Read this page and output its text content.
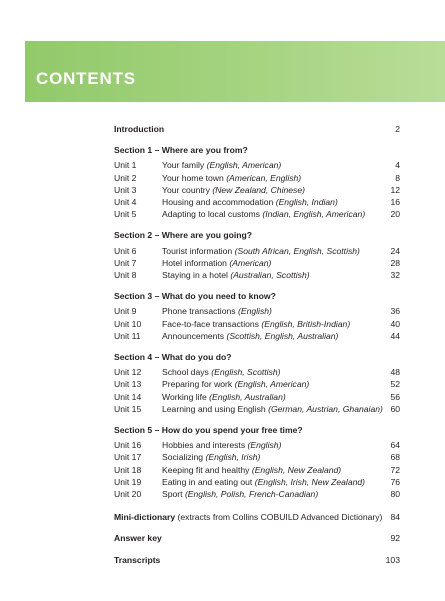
CONTENTS
Introduction	2
Section 1 – Where are you from?
Unit 1	Your family (English, American)	4
Unit 2	Your home town (American, English)	8
Unit 3	Your country (New Zealand, Chinese)	12
Unit 4	Housing and accommodation (English, Indian)	16
Unit 5	Adapting to local customs (Indian, English, American)	20
Section 2 – Where are you going?
Unit 6	Tourist information (South African, English, Scottish)	24
Unit 7	Hotel information (American)	28
Unit 8	Staying in a hotel (Australian, Scottish)	32
Section 3 – What do you need to know?
Unit 9	Phone transactions (English)	36
Unit 10	Face-to-face transactions (English, British-Indian)	40
Unit 11	Announcements (Scottish, English, Australian)	44
Section 4 – What do you do?
Unit 12	School days (English, Scottish)	48
Unit 13	Preparing for work (English, American)	52
Unit 14	Working life (English, Australian)	56
Unit 15	Learning and using English (German, Austrian, Ghanaian) 60
Section 5 – How do you spend your free time?
Unit 16	Hobbies and interests (English)	64
Unit 17	Socializing (English, Irish)	68
Unit 18	Keeping fit and healthy (English, New Zealand)	72
Unit 19	Eating in and eating out (English, Irish, New Zealand)	76
Unit 20	Sport (English, Polish, French-Canadian)	80
Mini-dictionary (extracts from Collins COBUILD Advanced Dictionary) 84
Answer key	92
Transcripts	103
